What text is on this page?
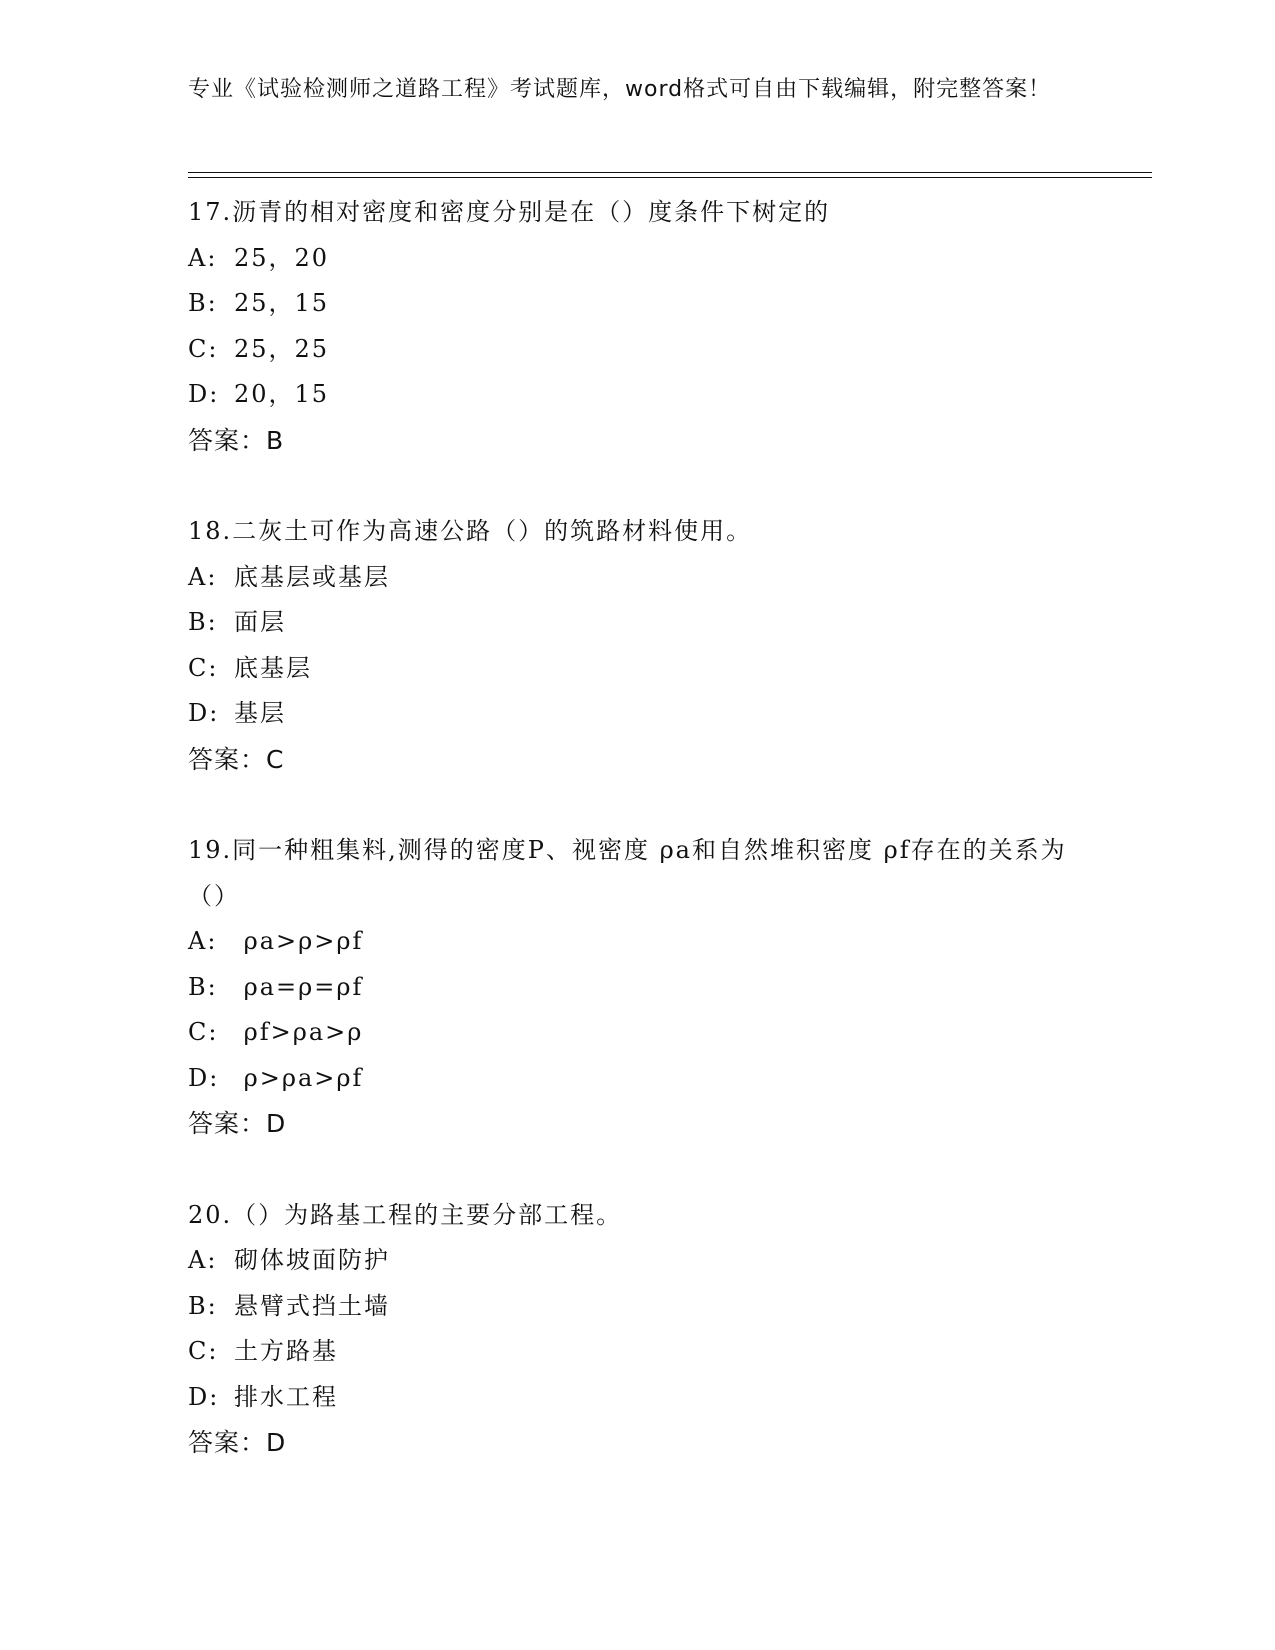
专业《试验检测师之道路工程》考试题库，word格式可自由下载编辑，附完整答案！
17.沥青的相对密度和密度分别是在（）度条件下树定的
A: 25，20
B: 25，15
C: 25，25
D: 20，15
答案：B
18.二灰土可作为高速公路（）的筑路材料使用。
A: 底基层或基层
B: 面层
C: 底基层
D: 基层
答案：C
19.同一种粗集料,测得的密度P、视密度 ρa和自然堆积密度 ρf存在的关系为（）
A: ρa>ρ>ρf
B: ρa=ρ=ρf
C: ρf>ρa>ρ
D: ρ>ρa>ρf
答案：D
20.（）为路基工程的主要分部工程。
A: 砌体坡面防护
B: 悬臂式挡土墙
C: 土方路基
D: 排水工程
答案：D
